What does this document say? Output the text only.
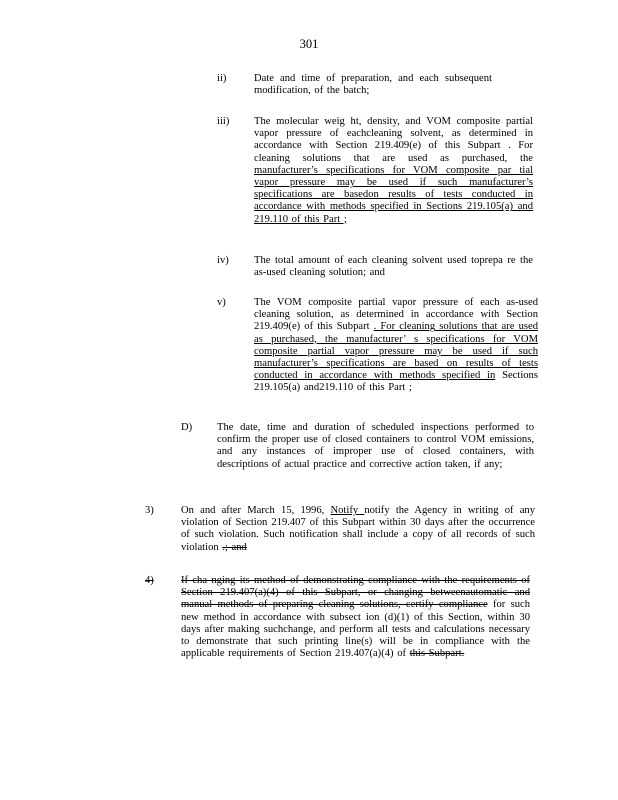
301
ii)	Date and time of preparation, and each subsequent modification, of the batch;
iii) The molecular weig ht, density, and VOM composite partial vapor pressure of eachcleaning solvent, as determined in accordance with Section 219.409(e) of this Subpart . For cleaning solutions that are used as purchased, the manufacturer’s specifications for VOM composite par tial vapor pressure may be used if such manufacturer’s specifications are basedon results of tests conducted in accordance with methods specified in Sections 219.105(a) and 219.110 of this Part ;
iv) The total amount of each cleaning solvent used toprepa re the as-used cleaning solution; and
v)	The VOM composite partial vapor pressure of each as-used cleaning solution, as determined in accordance with Section 219.409(e) of this Subpart . For cleaning solutions that are used as purchased, the manufacturer’ s specifications for VOM composite partial vapor pressure may be used if such manufacturer’s specifications are based on results of tests conducted in accordance with methods specified in Sections 219.105(a) and219.110 of this Part ;
D) The date, time and duration of scheduled inspections performed to confirm the proper use of closed containers to control VOM emissions, and any instances of improper use of closed containers, with descriptions of actual practice and corrective action taken, if any;
3)	On and after March 15, 1996, Notify notify the Agency in writing of any violation of Section 219.407 of this Subpart within 30 days after the occurrence of such violation. Such notification shall include a copy of all records of such violation .; and
4)	If cha nging its method of demonstrating compliance with the requirements of Section 219.407(a)(4) of this Subpart, or changing betweenautomatic and manual methods of preparing cleaning solutions, certify compliance for such new method in accordance with subsect ion (d)(1) of this Section, within 30 days after making suchchange, and perform all tests and calculations necessary to demonstrate that such printing line(s) will be in compliance with the applicable requirements of Section 219.407(a)(4) of this Subpart.
